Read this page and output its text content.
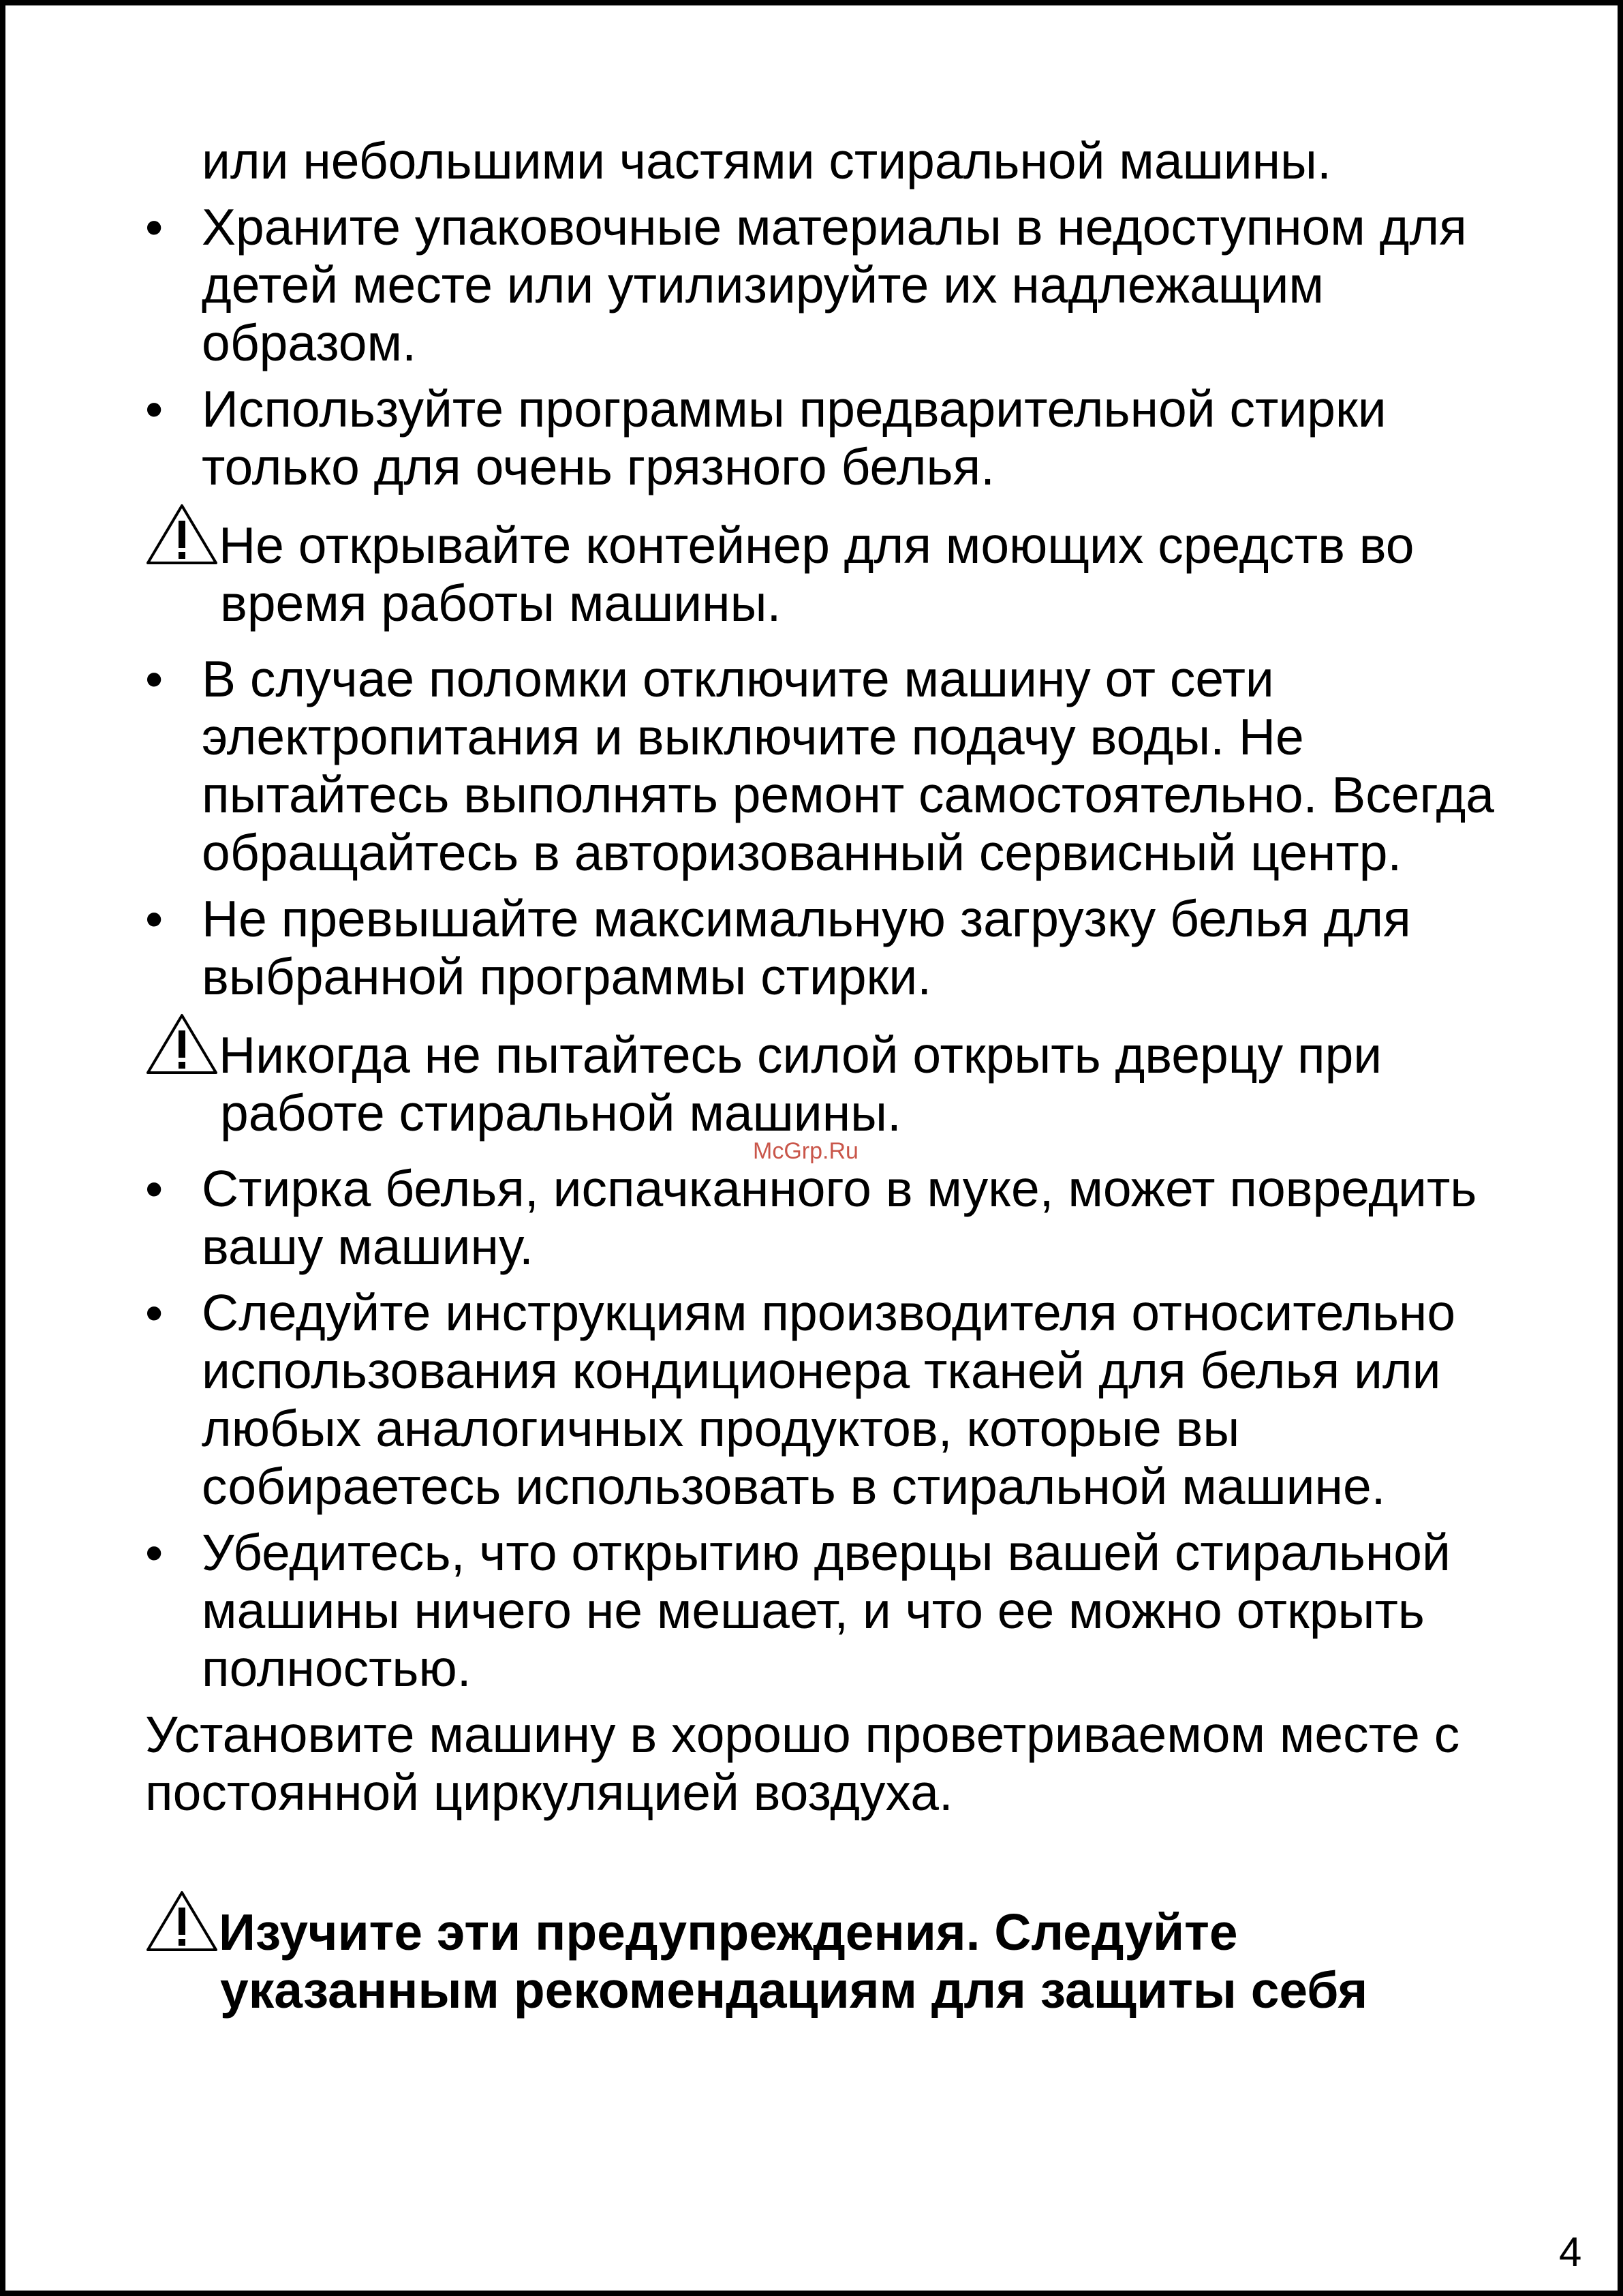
или небольшими частями стиральной машины.

• Храните упаковочные материалы в недоступном для детей месте или утилизируйте их надлежащим образом.
• Используйте программы предварительной стирки только для очень грязного белья.

Не открывайте контейнер для моющих средств во время работы машины.

• В случае поломки отключите машину от сети электропитания и выключите подачу воды. Не пытайтесь выполнять ремонт самостоятельно. Всегда обращайтесь в авторизованный сервисный центр.
• Не превышайте максимальную загрузку белья для выбранной программы стирки.

Никогда не пытайтесь силой открыть дверцу при работе стиральной машины.

• Стирка белья, испачканного в муке, может повредить вашу машину.
• Следуйте инструкциям производителя относительно использования кондиционера тканей для белья или любых аналогичных продуктов, которые вы собираетесь использовать в стиральной машине.
• Убедитесь, что открытию дверцы вашей стиральной машины ничего не мешает, и что ее можно открыть полностью.

Установите машину в хорошо проветриваемом месте с постоянной циркуляцией воздуха.

Изучите эти предупреждения. Следуйте указанным рекомендациям для защиты себя

McGrp.Ru
4
